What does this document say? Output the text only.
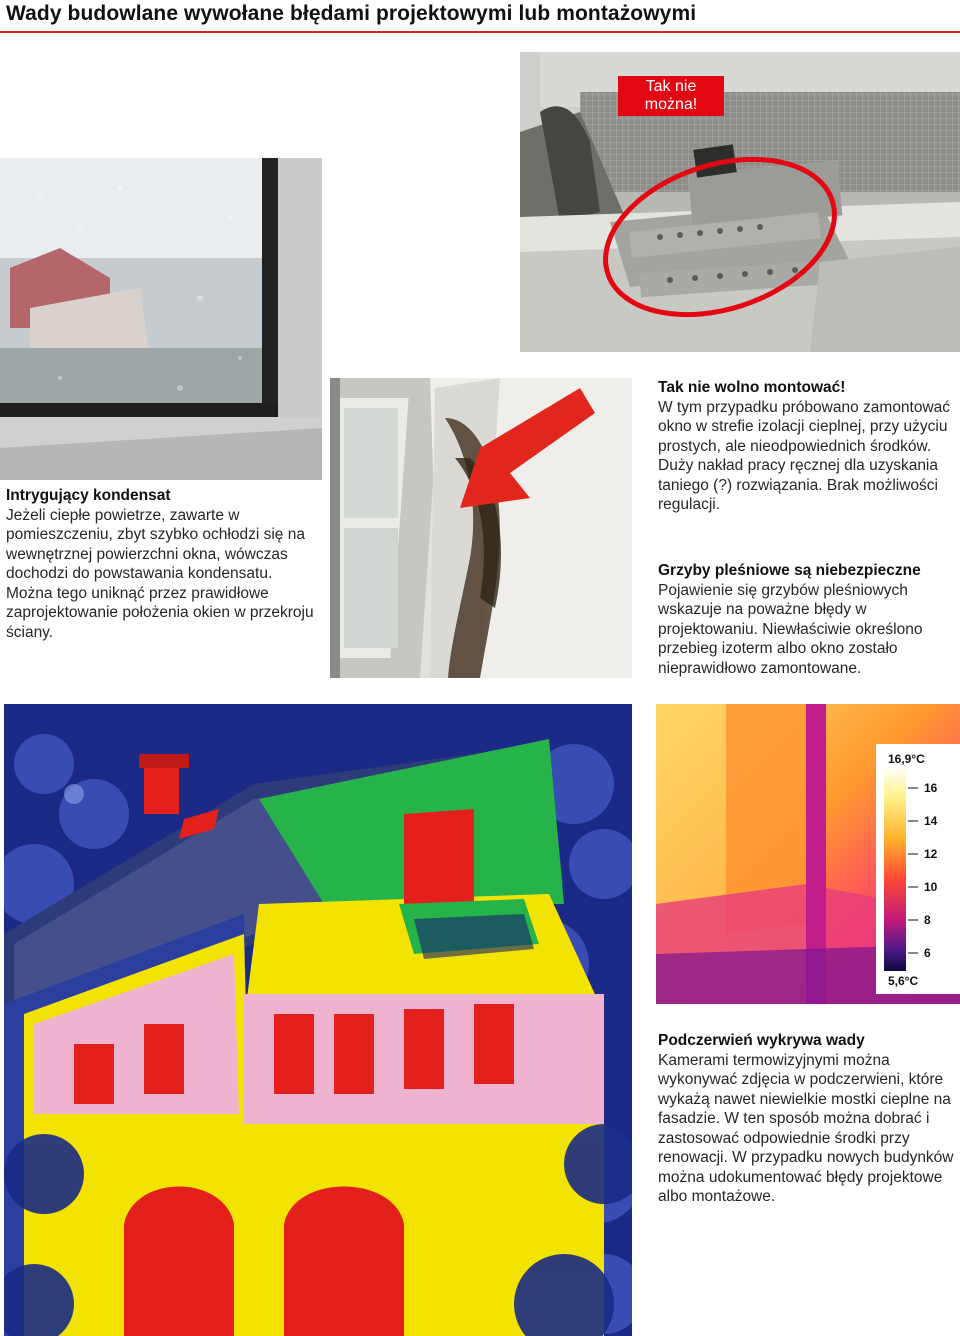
Wady budowlane wywołane błędami projektowymi lub montażowymi
Tak nie
można!
Intrygujący kondensat
Jeżeli ciepłe powietrze, zawarte w pomieszczeniu, zbyt szybko ochłodzi się na wewnętrznej powierzchni okna, wówczas dochodzi do powstawania kondensatu. Można tego uniknąć przez prawidłowe zaprojektowanie położenia okien w przekroju ściany.
Tak nie wolno montować!
W tym przypadku próbowano zamontować okno w strefie izolacji cieplnej, przy użyciu prostych, ale nieodpowiednich środków. Duży nakład pracy ręcznej dla uzyskania taniego (?) rozwiązania. Brak możliwości regulacji.
Grzyby pleśniowe są niebezpieczne
Pojawienie się grzybów pleśniowych wskazuje na poważne błędy w projektowaniu. Niewłaściwie określono przebieg izoterm albo okno zostało nieprawidłowo zamontowane.
16,9°C
5,6°C
16
14
12
10
8
6
Podczerwień wykrywa wady
Kamerami termowizyjnymi można wykonywać zdjęcia w podczerwieni, które wykażą nawet niewielkie mostki cieplne na fasadzie. W ten sposób można dobrać i zastosować odpowiednie środki przy renowacji. W przypadku nowych budynków można udokumentować błędy projektowe albo montażowe.
